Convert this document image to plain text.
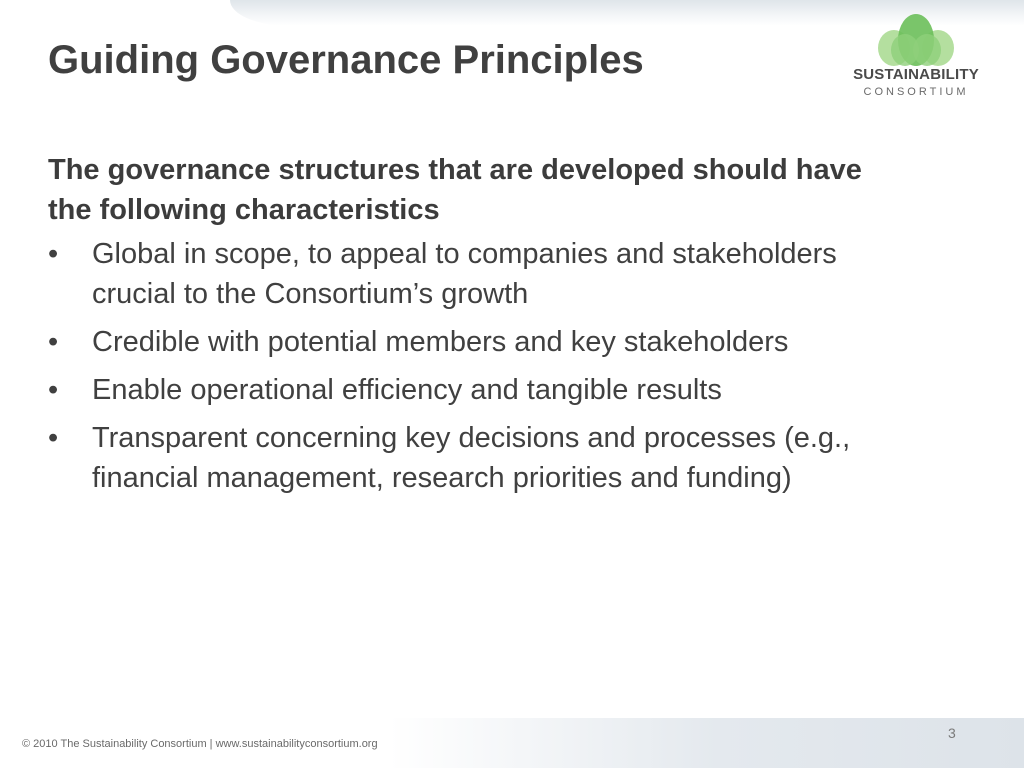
Guiding Governance Principles	SUSTAINABILITY
CONSORTIUM

The governance structures that are developed should have the following characteristics

•	Global in scope, to appeal to companies and stakeholders crucial to the Consortium’s growth
•	Credible with potential members and key stakeholders
•	Enable operational efficiency and tangible results
•	Transparent concerning key decisions and processes (e.g., financial management, research priorities and funding)
© 2010 The Sustainability Consortium | www.sustainabilityconsortium.org
3
